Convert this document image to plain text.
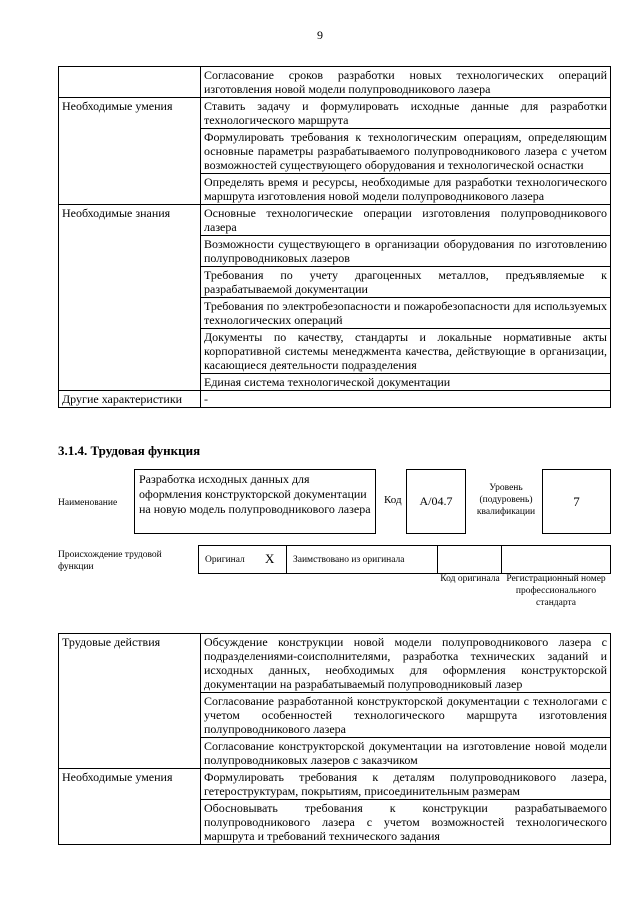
9
	Согласование сроков разработки новых технологических операций изготовления новой модели полупроводникового лазера
Необходимые умения	Ставить задачу и формулировать исходные данные для разработки технологического маршрута
	Формулировать требования к технологическим операциям, определяющим основные параметры разрабатываемого полупроводникового лазера с учетом возможностей существующего оборудования и технологической оснастки
	Определять время и ресурсы, необходимые для разработки технологического маршрута изготовления новой модели полупроводникового лазера
Необходимые знания	Основные технологические операции изготовления полупроводникового лазера
	Возможности существующего в организации оборудования по изготовлению полупроводниковых лазеров
	Требования по учету драгоценных металлов, предъявляемые к разрабатываемой документации
	Требования по электробезопасности и пожаробезопасности для используемых технологических операций
	Документы по качеству, стандарты и локальные нормативные акты корпоративной системы менеджмента качества, действующие в организации, касающиеся деятельности подразделения
	Единая система технологической документации
Другие характеристики	-
3.1.4. Трудовая функция
Наименование
Разработка исходных данных для оформления конструкторской документации на новую модель полупроводникового лазера
Код	A/04.7
Уровень (подуровень) квалификации
7
Происхождение трудовой функции
Оригинал X Заимствовано из оригинала
Код оригинала Регистрационный номер профессионального стандарта
Трудовые действия	Обсуждение конструкции новой модели полупроводникового лазера с подразделениями-соисполнителями, разработка технических заданий и исходных данных, необходимых для оформления конструкторской документации на разрабатываемый полупроводниковый лазер
	Согласование разработанной конструкторской документации с технологами с учетом особенностей технологического маршрута изготовления полупроводникового лазера
	Согласование конструкторской документации на изготовление новой модели полупроводниковых лазеров с заказчиком
Необходимые умения	Формулировать требования к деталям полупроводникового лазера, гетероструктурам, покрытиям, присоединительным размерам
	Обосновывать требования к конструкции разрабатываемого полупроводникового лазера с учетом возможностей технологического маршрута и требований технического задания
